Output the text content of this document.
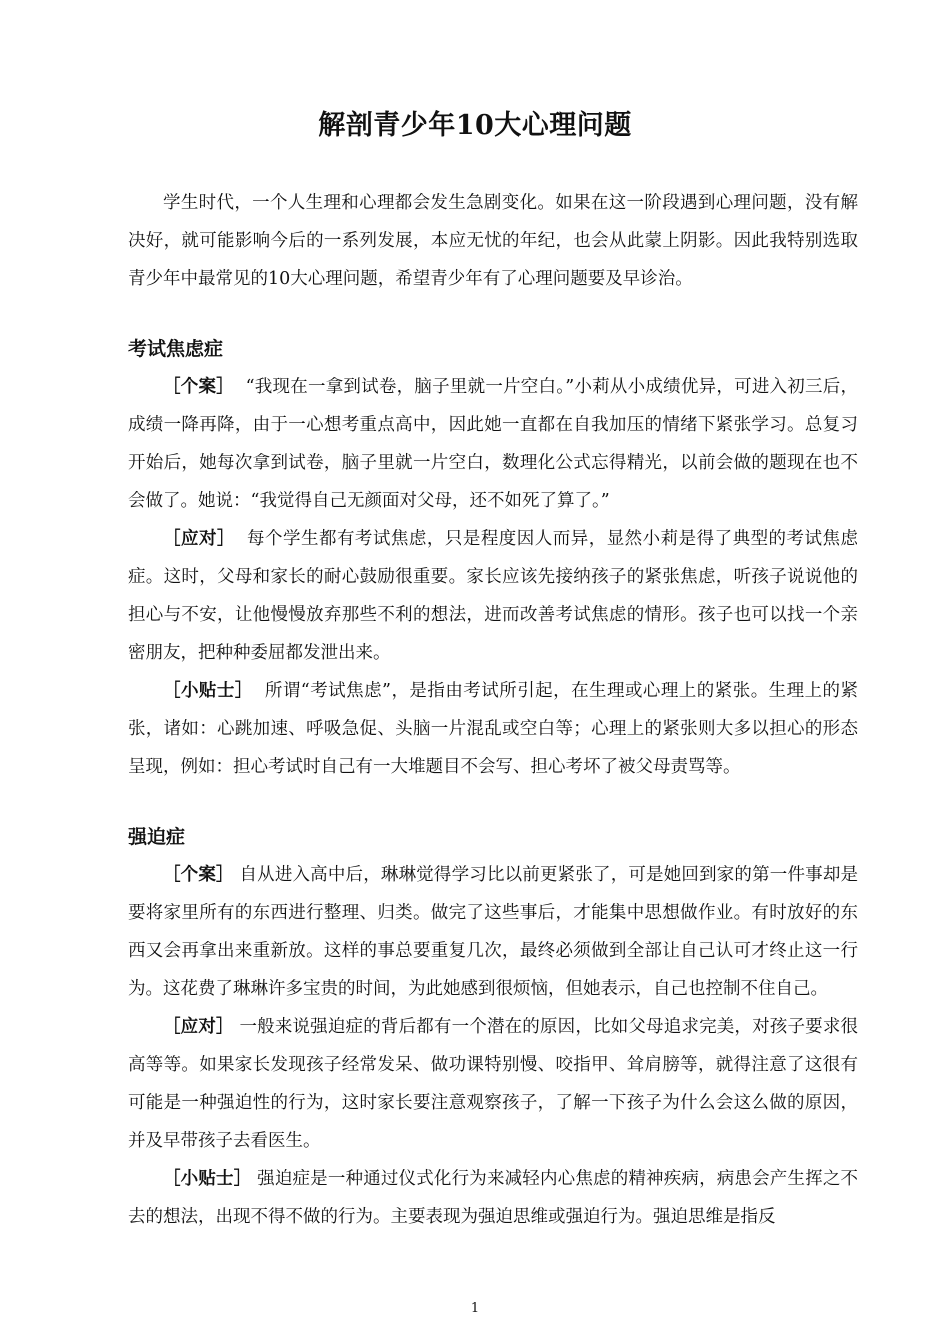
解剖青少年10大心理问题

学生时代，一个人生理和心理都会发生急剧变化。如果在这一阶段遇到心理问题，没有解决好，就可能影响今后的一系列发展，本应无忧的年纪，也会从此蒙上阴影。因此我特别选取青少年中最常见的10大心理问题，希望青少年有了心理问题要及早诊治。

考试焦虑症

［个案］ “我现在一拿到试卷，脑子里就一片空白。”小莉从小成绩优异，可进入初三后，成绩一降再降，由于一心想考重点高中，因此她一直都在自我加压的情绪下紧张学习。总复习开始后，她每次拿到试卷，脑子里就一片空白，数理化公式忘得精光，以前会做的题现在也不会做了。她说：“我觉得自己无颜面对父母，还不如死了算了。”

［应对］ 每个学生都有考试焦虑，只是程度因人而异，显然小莉是得了典型的考试焦虑症。这时，父母和家长的耐心鼓励很重要。家长应该先接纳孩子的紧张焦虑，听孩子说说他的担心与不安，让他慢慢放弃那些不利的想法，进而改善考试焦虑的情形。孩子也可以找一个亲密朋友，把种种委屈都发泄出来。

［小贴士］ 所谓“考试焦虑”，是指由考试所引起，在生理或心理上的紧张。生理上的紧张，诸如：心跳加速、呼吸急促、头脑一片混乱或空白等；心理上的紧张则大多以担心的形态呈现，例如：担心考试时自己有一大堆题目不会写、担心考坏了被父母责骂等。

强迫症

［个案］ 自从进入高中后，琳琳觉得学习比以前更紧张了，可是她回到家的第一件事却是要将家里所有的东西进行整理、归类。做完了这些事后，才能集中思想做作业。有时放好的东西又会再拿出来重新放。这样的事总要重复几次，最终必须做到全部让自己认可才终止这一行为。这花费了琳琳许多宝贵的时间，为此她感到很烦恼，但她表示，自己也控制不住自己。

［应对］ 一般来说强迫症的背后都有一个潜在的原因，比如父母追求完美，对孩子要求很高等等。如果家长发现孩子经常发呆、做功课特别慢、咬指甲、耸肩膀等，就得注意了这很有可能是一种强迫性的行为，这时家长要注意观察孩子，了解一下孩子为什么会这么做的原因，并及早带孩子去看医生。

［小贴士］ 强迫症是一种通过仪式化行为来减轻内心焦虑的精神疾病，病患会产生挥之不去的想法，出现不得不做的行为。主要表现为强迫思维或强迫行为。强迫思维是指反

1
